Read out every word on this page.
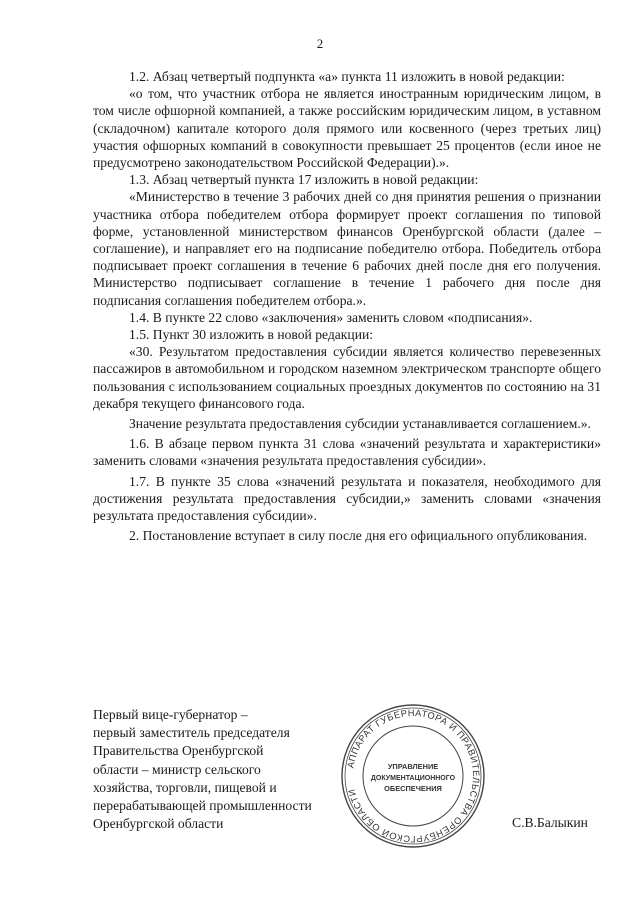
2

1.2. Абзац четвертый подпункта «а» пункта 11 изложить в новой редакции:

«о том, что участник отбора не является иностранным юридическим лицом, в том числе офшорной компанией, а также российским юридическим лицом, в уставном (складочном) капитале которого доля прямого или косвенного (через третьих лиц) участия офшорных компаний в совокупности превышает 25 процентов (если иное не предусмотрено законодательством Российской Федерации).».

1.3. Абзац четвертый пункта 17 изложить в новой редакции:

«Министерство в течение 3 рабочих дней со дня принятия решения о признании участника отбора победителем отбора формирует проект соглашения по типовой форме, установленной министерством финансов Оренбургской области (далее – соглашение), и направляет его на подписание победителю отбора. Победитель отбора подписывает проект соглашения в течение 6 рабочих дней после дня его получения. Министерство подписывает соглашение в течение 1 рабочего дня после дня подписания соглашения победителем отбора.».

1.4. В пункте 22 слово «заключения» заменить словом «подписания».

1.5. Пункт 30 изложить в новой редакции:

«30. Результатом предоставления субсидии является количество перевезенных пассажиров в автомобильном и городском наземном электрическом транспорте общего пользования с использованием социальных проездных документов по состоянию на 31 декабря текущего финансового года.

Значение результата предоставления субсидии устанавливается соглашением.».

1.6. В абзаце первом пункта 31 слова «значений результата и характеристики» заменить словами «значения результата предоставления субсидии».

1.7. В пункте 35 слова «значений результата и показателя, необходимого для достижения результата предоставления субсидии,» заменить словами «значения результата предоставления субсидии».

2. Постановление вступает в силу после дня его официального опубликования.

Первый вице-губернатор –
первый заместитель председателя
Правительства Оренбургской
области – министр сельского
хозяйства, торговли, пищевой и
перерабатывающей промышленности
Оренбургской области	С.В.Балыкин
АППАРАТ ГУБЕРНАТОРА И ПРАВИТЕЛЬСТВА ОРЕНБУРГСКОЙ ОБЛАСТИ
УПРАВЛЕНИЕ
ДОКУМЕНТАЦИОННОГО
ОБЕСПЕЧЕНИЯ
